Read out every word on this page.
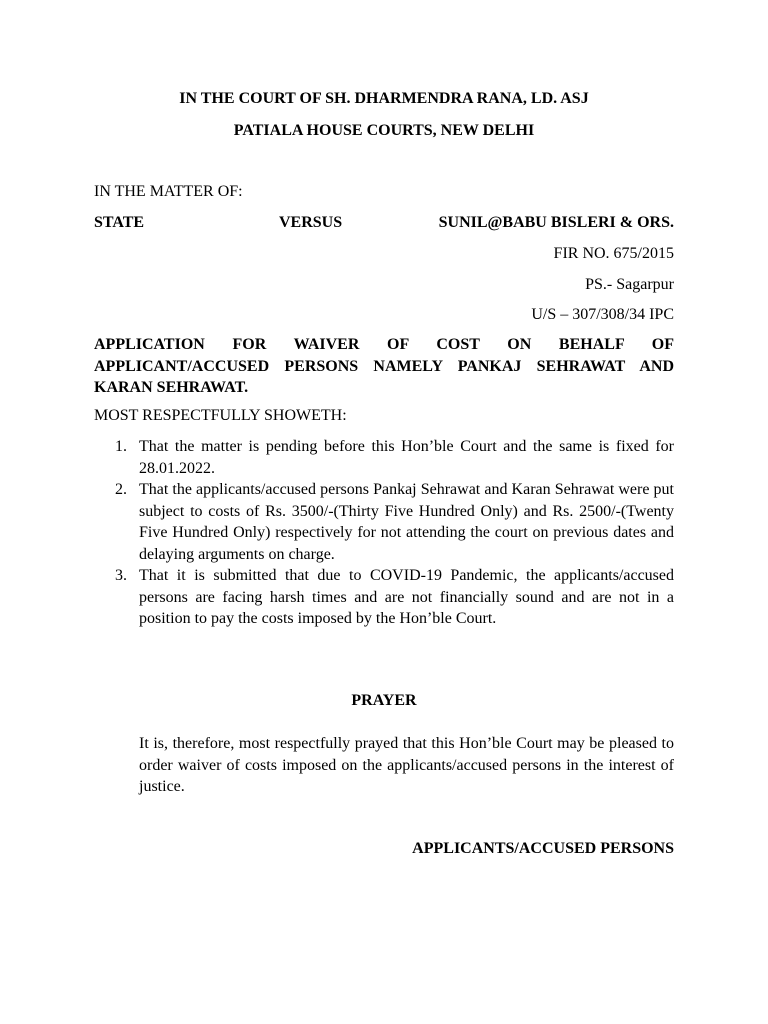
IN THE COURT OF SH. DHARMENDRA RANA, LD. ASJ
PATIALA HOUSE COURTS, NEW DELHI
IN THE MATTER OF:
STATE	VERSUS	SUNIL@BABU BISLERI & ORS.
FIR NO. 675/2015
PS.- Sagarpur
U/S – 307/308/34 IPC
APPLICATION FOR WAIVER OF COST ON BEHALF OF APPLICANT/ACCUSED PERSONS NAMELY PANKAJ SEHRAWAT AND KARAN SEHRAWAT.
MOST RESPECTFULLY SHOWETH:
1. That the matter is pending before this Hon’ble Court and the same is fixed for 28.01.2022.
2. That the applicants/accused persons Pankaj Sehrawat and Karan Sehrawat were put subject to costs of Rs. 3500/-(Thirty Five Hundred Only) and Rs. 2500/-(Twenty Five Hundred Only) respectively for not attending the court on previous dates and delaying arguments on charge.
3. That it is submitted that due to COVID-19 Pandemic, the applicants/accused persons are facing harsh times and are not financially sound and are not in a position to pay the costs imposed by the Hon’ble Court.
PRAYER
It is, therefore, most respectfully prayed that this Hon’ble Court may be pleased to order waiver of costs imposed on the applicants/accused persons in the interest of justice.
APPLICANTS/ACCUSED PERSONS
